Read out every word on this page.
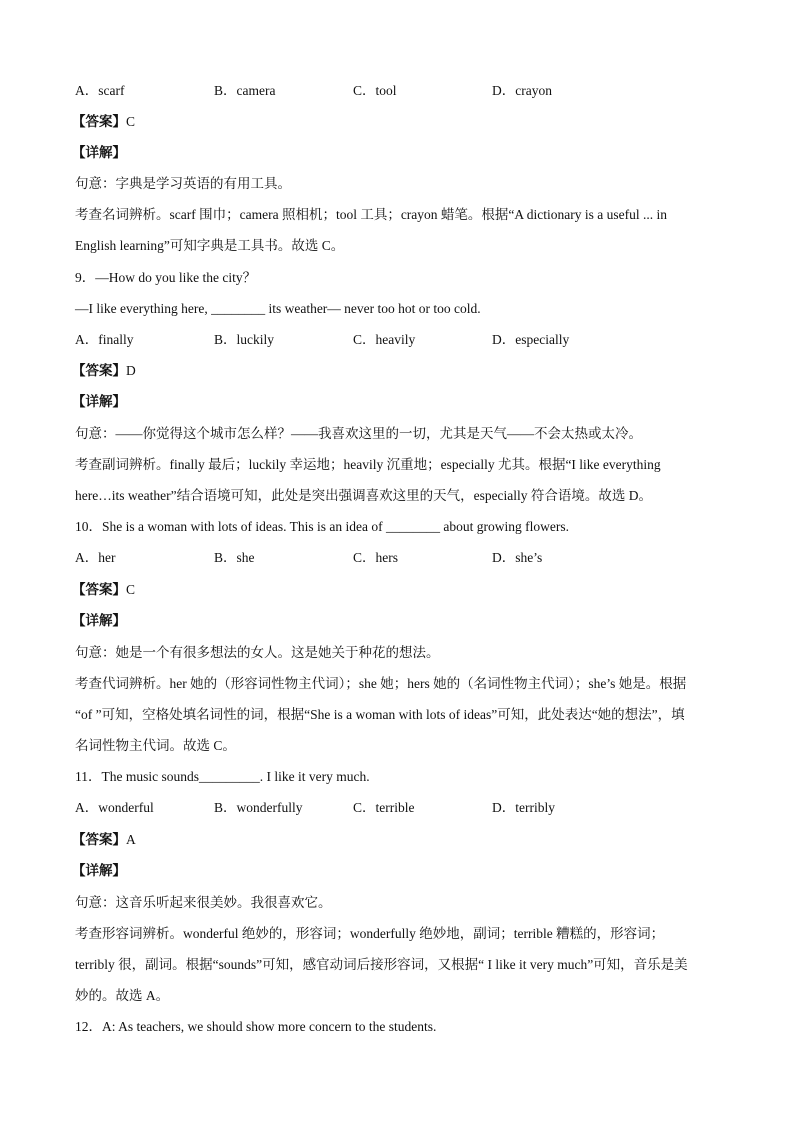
A．scarf	B．camera	C．tool	D．crayon
【答案】C
【详解】
句意：字典是学习英语的有用工具。
考查名词辨析。scarf 围巾；camera 照相机；tool 工具；crayon 蜡笔。根据“A dictionary is a useful ... in
English learning”可知字典是工具书。故选 C。
9．—How do you like the city？
—I like everything here, ________ its weather— never too hot or too cold.
A．finally	B．luckily	C．heavily	D．especially
【答案】D
【详解】
句意：——你觉得这个城市怎么样？——我喜欢这里的一切，尤其是天气——不会太热或太冷。
考查副词辨析。finally 最后；luckily 幸运地；heavily 沉重地；especially 尤其。根据“I like everything
here…its weather”结合语境可知，此处是突出强调喜欢这里的天气，especially 符合语境。故选 D。
10．She is a woman with lots of ideas. This is an idea of ________ about growing flowers.
A．her	B．she	C．hers	D．she’s
【答案】C
【详解】
句意：她是一个有很多想法的女人。这是她关于种花的想法。
考查代词辨析。her 她的（形容词性物主代词）；she 她；hers 她的（名词性物主代词）；she’s 她是。根据
“of ”可知，空格处填名词性的词，根据“She is a woman with lots of ideas”可知，此处表达“她的想法”，填
名词性物主代词。故选 C。
11．The music sounds_________. I like it very much.
A．wonderful	B．wonderfully	C．terrible	D．terribly
【答案】A
【详解】
句意：这音乐听起来很美妙。我很喜欢它。
考查形容词辨析。wonderful 绝妙的，形容词；wonderfully 绝妙地，副词；terrible 糟糕的，形容词；
terribly 很，副词。根据“sounds”可知，感官动词后接形容词，又根据“ I like it very much”可知，音乐是美
妙的。故选 A。
12．A: As teachers, we should show more concern to the students.
